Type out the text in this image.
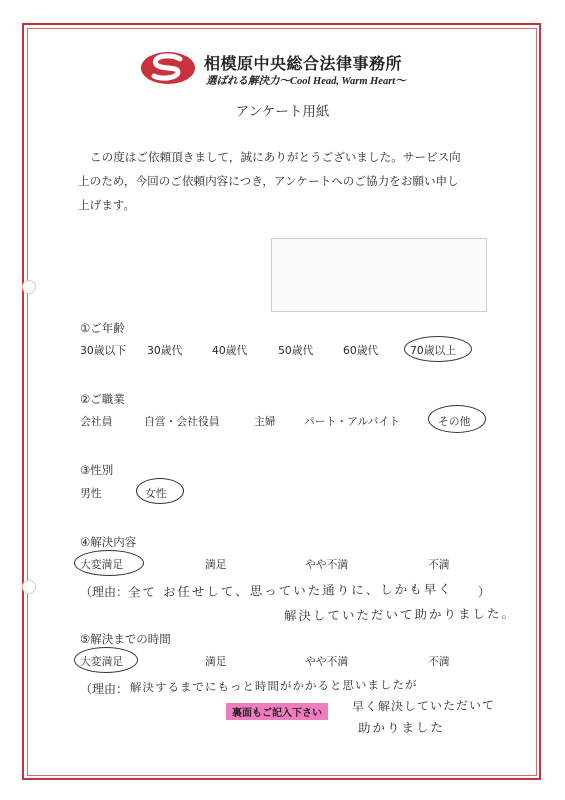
相模原中央総合法律事務所
選ばれる解決力〜Cool Head, Warm Heart〜
アンケート用紙
この度はご依頼頂きまして，誠にありがとうございました。サービス向
上のため，今回のご依頼内容につき，アンケートへのご協力をお願い申し
上げます。
①ご年齢
30歳以下 30歳代	40歳代	50歳代	60歳代	70歳以上
②ご職業
会社員	自営・会社役員	主婦	パート・アルバイト	その他
③性別
男性	女性
④解決内容
大変満足	満足	やや不満	不満
（理由： 全て お任せして、思っていた通りに、しかも早く ）
解決していただいて助かりました。
⑤解決までの時間
大変満足	満足	やや不満	不満
（理由： 解決するまでにもっと時間がかかると思いましたが
早く解決していただいて
助かりました
裏面もご記入下さい
